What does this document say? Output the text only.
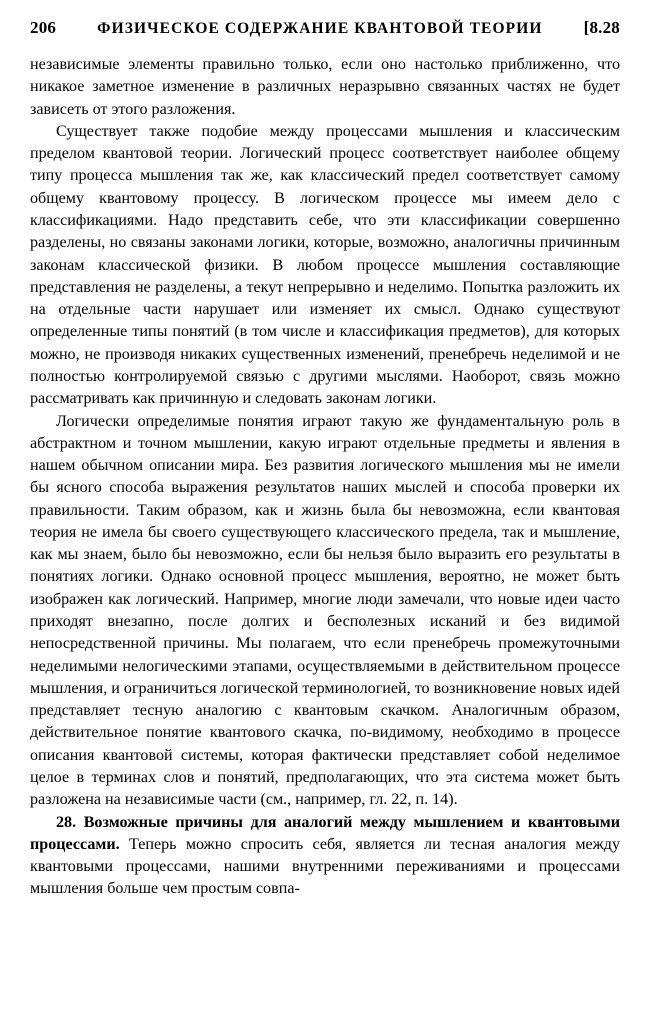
206	ФИЗИЧЕСКОЕ СОДЕРЖАНИЕ КВАНТОВОЙ ТЕОРИИ	[8.28

независимые элементы правильно только, если оно настолько приближенно, что никакое заметное изменение в различных неразрывно связанных частях не будет зависеть от этого разложения.

Существует также подобие между процессами мышления и классическим пределом квантовой теории. Логический процесс соответствует наиболее общему типу процесса мышления так же, как классический предел соответствует самому общему квантовому процессу. В логическом процессе мы имеем дело с классификациями. Надо представить себе, что эти классификации совершенно разделены, но связаны законами логики, которые, возможно, аналогичны причинным законам классической физики. В любом процессе мышления составляющие представления не разделены, а текут непрерывно и неделимо. Попытка разложить их на отдельные части нарушает или изменяет их смысл. Однако существуют определенные типы понятий (в том числе и классификация предметов), для которых можно, не производя никаких существенных изменений, пренебречь неделимой и не полностью контролируемой связью с другими мыслями. Наоборот, связь можно рассматривать как причинную и следовать законам логики.

Логически определимые понятия играют такую же фундаментальную роль в абстрактном и точном мышлении, какую играют отдельные предметы и явления в нашем обычном описании мира. Без развития логического мышления мы не имели бы ясного способа выражения результатов наших мыслей и способа проверки их правильности. Таким образом, как и жизнь была бы невозможна, если квантовая теория не имела бы своего существующего классического предела, так и мышление, как мы знаем, было бы невозможно, если бы нельзя было выразить его результаты в понятиях логики. Однако основной процесс мышления, вероятно, не может быть изображен как логический. Например, многие люди замечали, что новые идеи часто приходят внезапно, после долгих и бесполезных исканий и без видимой непосредственной причины. Мы полагаем, что если пренебречь промежуточными неделимыми нелогическими этапами, осуществляемыми в действительном процессе мышления, и ограничиться логической терминологией, то возникновение новых идей представляет тесную аналогию с квантовым скачком. Аналогичным образом, действительное понятие квантового скачка, по-видимому, необходимо в процессе описания квантовой системы, которая фактически представляет собой неделимое целое в терминах слов и понятий, предполагающих, что эта система может быть разложена на независимые части (см., например, гл. 22, п. 14).

28. Возможные причины для аналогий между мышлением и квантовыми процессами. Теперь можно спросить себя, является ли тесная аналогия между квантовыми процессами, нашими внутренними переживаниями и процессами мышления больше чем простым совпа-
